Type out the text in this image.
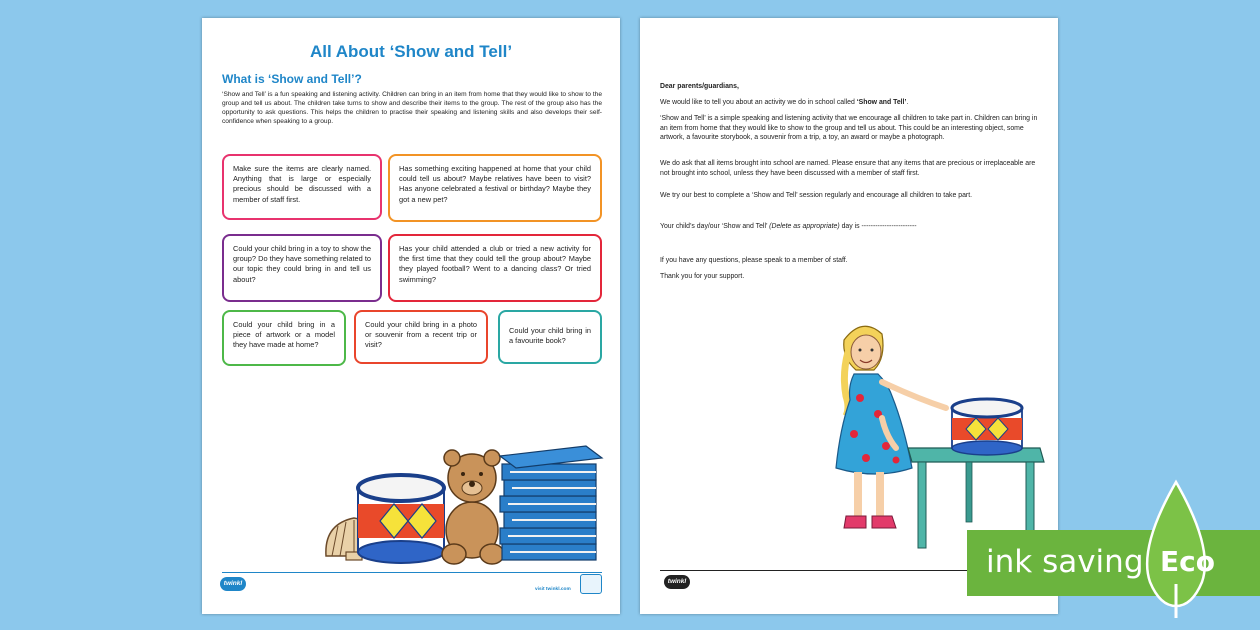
All About ‘Show and Tell’
What is ‘Show and Tell’?
‘Show and Tell’ is a fun speaking and listening activity. Children can bring in an item from home that they would like to show to the group and tell us about. The children take turns to show and describe their items to the group. The rest of the group also has the opportunity to ask questions. This helps the children to practise their speaking and listening skills and also develops their self-confidence when speaking to a group.
Make sure the items are clearly named. Anything that is large or especially precious should be discussed with a member of staff first.
Has something exciting happened at home that your child could tell us about? Maybe relatives have been to visit? Has anyone celebrated a festival or birthday? Maybe they got a new pet?
Could your child bring in a toy to show the group? Do they have something related to our topic they could bring in and tell us about?
Has your child attended a club or tried a new activity for the first time that they could tell the group about? Maybe they played football? Went to a dancing class? Or tried swimming?
Could your child bring in a piece of artwork or a model they have made at home?
Could your child bring in a photo or souvenir from a recent trip or visit?
Could your child bring in a favourite book?
twinkl
visit twinkl.com

Dear parents/guardians,

We would like to tell you about an activity we do in school called ‘Show and Tell’.

‘Show and Tell’ is a simple speaking and listening activity that we encourage all children to take part in. Children can bring in an item from home that they would like to show to the group and tell us about. This could be an interesting object, some artwork, a favourite storybook, a souvenir from a trip, a toy, an award or maybe a photograph.

We do ask that all items brought into school are named. Please ensure that any items that are precious or irreplaceable are not brought into school, unless they have been discussed with a member of staff first.

We try our best to complete a ‘Show and Tell’ session regularly and encourage all children to take part.

Your child’s day/our ‘Show and Tell’ (Delete as appropriate) day is ------------------------

If you have any questions, please speak to a member of staff.

Thank you for your support.

twinkl
ink saving Eco
